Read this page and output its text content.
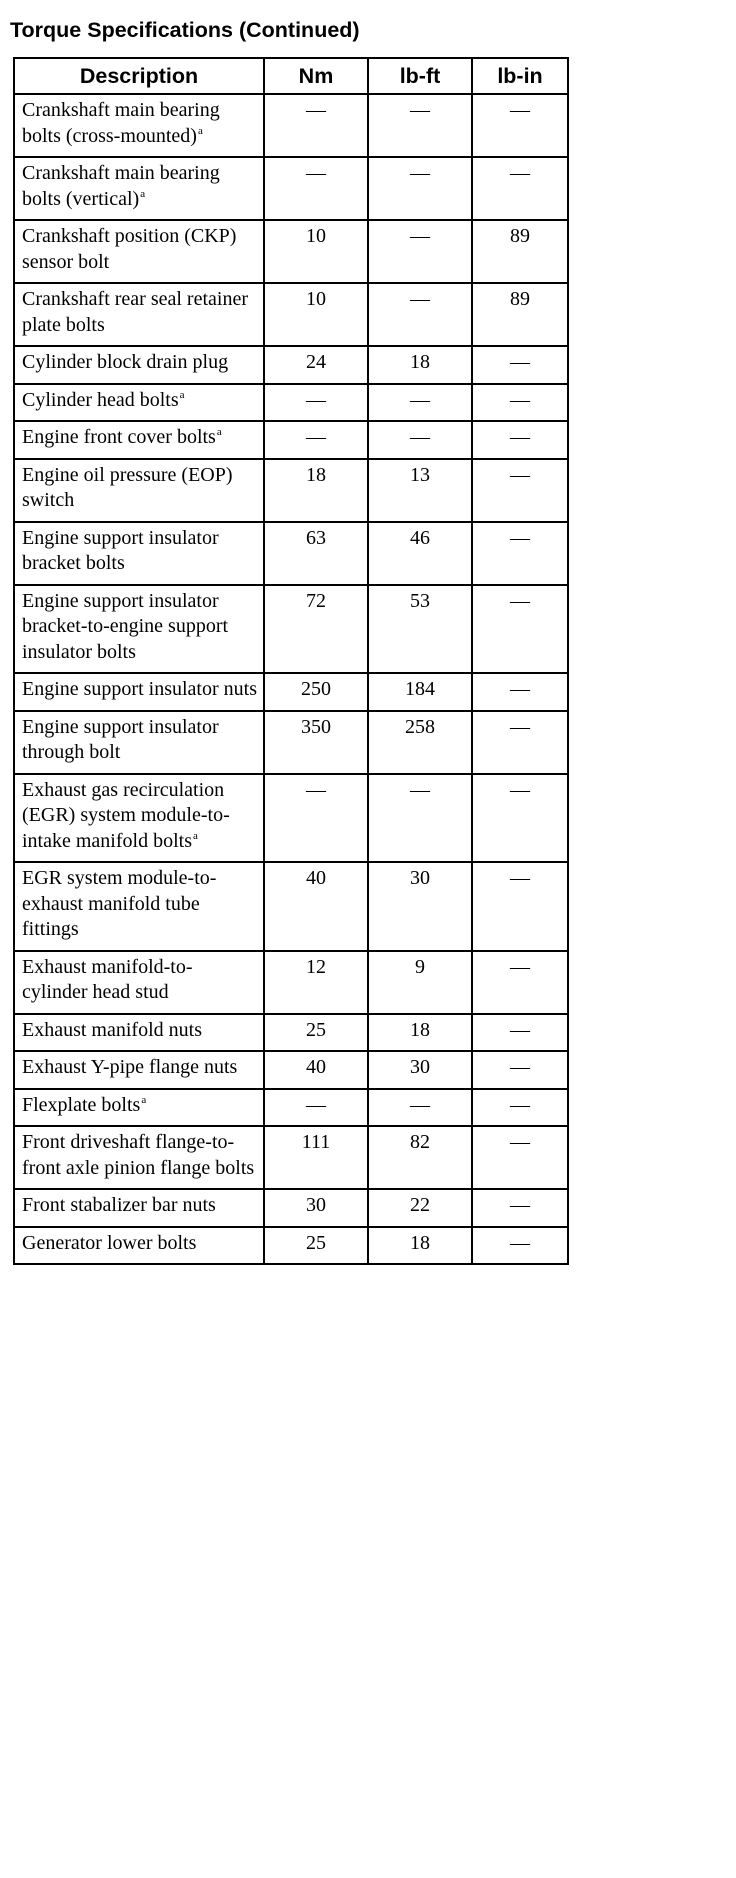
Torque Specifications (Continued)
Description	Nm	lb-ft	lb-in
Crankshaft main bearing bolts (cross-mounted)$^a$	—	—	—
Crankshaft main bearing bolts (vertical)$^a$	—	—	—
Crankshaft position (CKP) sensor bolt	10	—	89
Crankshaft rear seal retainer plate bolts	10	—	89
Cylinder block drain plug	24	18	—
Cylinder head bolts$^a$	—	—	—
Engine front cover bolts$^a$	—	—	—
Engine oil pressure (EOP) switch	18	13	—
Engine support insulator bracket bolts	63	46	—
Engine support insulator bracket-to-engine support insulator bolts	72	53	—
Engine support insulator nuts	250	184	—
Engine support insulator through bolt	350	258	—
Exhaust gas recirculation (EGR) system module-to-intake manifold bolts$^a$	—	—	—
EGR system module-to-exhaust manifold tube fittings	40	30	—
Exhaust manifold-to-cylinder head stud	12	9	—
Exhaust manifold nuts	25	18	—
Exhaust Y-pipe flange nuts	40	30	—
Flexplate bolts$^a$	—	—	—
Front driveshaft flange-to-front axle pinion flange bolts	111	82	—
Front stabalizer bar nuts	30	22	—
Generator lower bolts	25	18	—
